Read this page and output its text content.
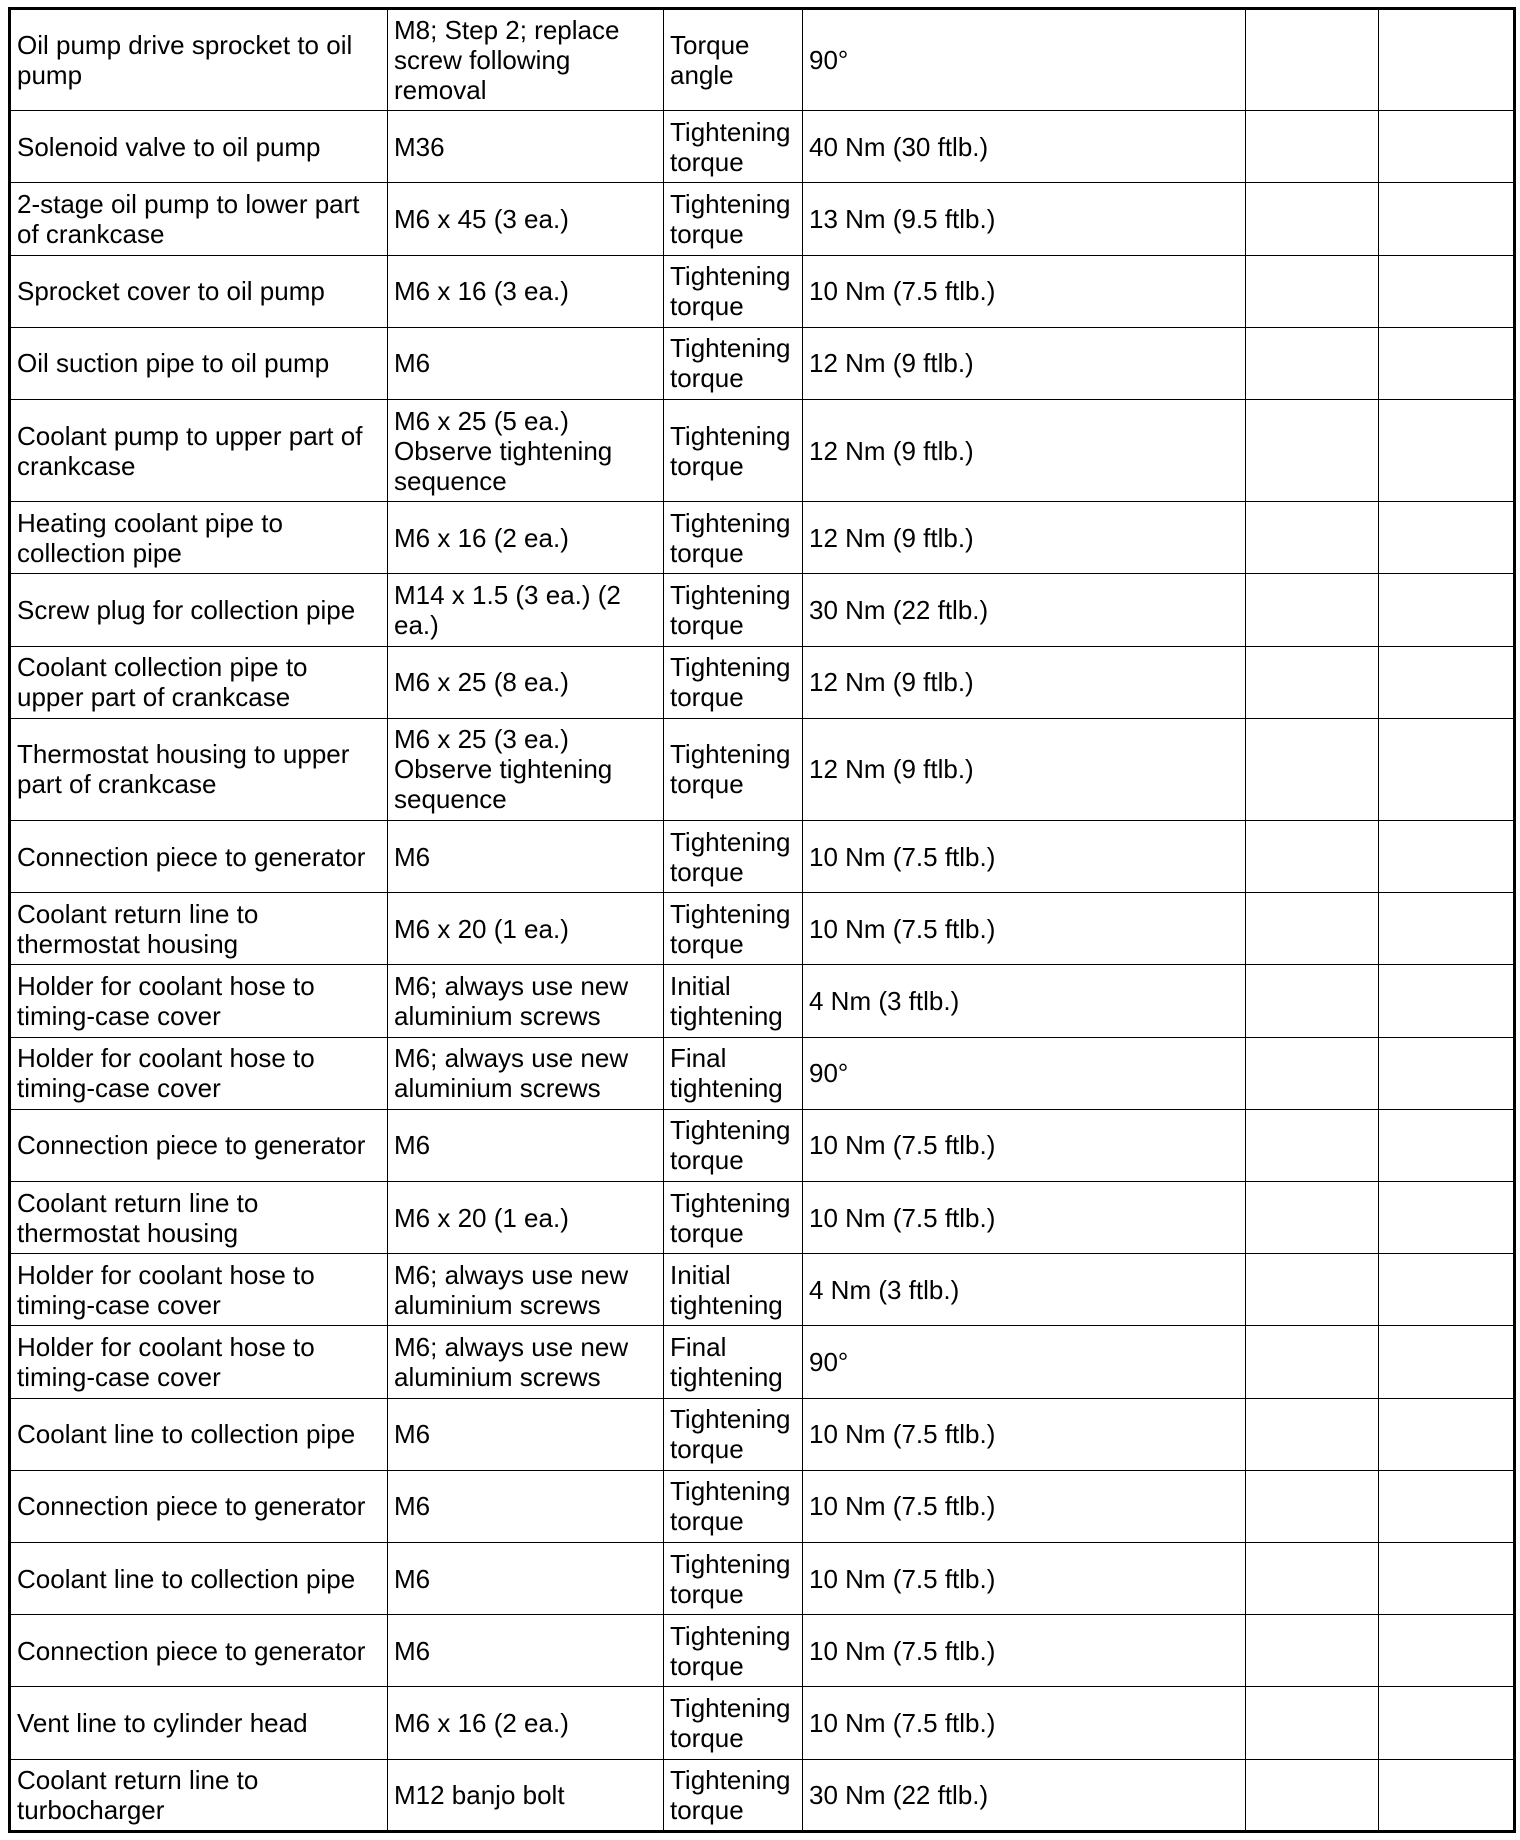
Oil pump drive sprocket to oil pump	M8; Step 2; replace screw following removal	Torque angle	90°		
Solenoid valve to oil pump	M36	Tightening torque	40 Nm (30 ftlb.)		
2-stage oil pump to lower part of crankcase	M6 x 45 (3 ea.)	Tightening torque	13 Nm (9.5 ftlb.)		
Sprocket cover to oil pump	M6 x 16 (3 ea.)	Tightening torque	10 Nm (7.5 ftlb.)		
Oil suction pipe to oil pump	M6	Tightening torque	12 Nm (9 ftlb.)		
Coolant pump to upper part of crankcase	M6 x 25 (5 ea.) Observe tightening sequence	Tightening torque	12 Nm (9 ftlb.)		
Heating coolant pipe to collection pipe	M6 x 16 (2 ea.)	Tightening torque	12 Nm (9 ftlb.)		
Screw plug for collection pipe	M14 x 1.5 (3 ea.) (2 ea.)	Tightening torque	30 Nm (22 ftlb.)		
Coolant collection pipe to upper part of crankcase	M6 x 25 (8 ea.)	Tightening torque	12 Nm (9 ftlb.)		
Thermostat housing to upper part of crankcase	M6 x 25 (3 ea.) Observe tightening sequence	Tightening torque	12 Nm (9 ftlb.)		
Connection piece to generator	M6	Tightening torque	10 Nm (7.5 ftlb.)		
Coolant return line to thermostat housing	M6 x 20 (1 ea.)	Tightening torque	10 Nm (7.5 ftlb.)		
Holder for coolant hose to timing-case cover	M6; always use new aluminium screws	Initial tightening	4 Nm (3 ftlb.)		
Holder for coolant hose to timing-case cover	M6; always use new aluminium screws	Final tightening	90°		
Connection piece to generator	M6	Tightening torque	10 Nm (7.5 ftlb.)		
Coolant return line to thermostat housing	M6 x 20 (1 ea.)	Tightening torque	10 Nm (7.5 ftlb.)		
Holder for coolant hose to timing-case cover	M6; always use new aluminium screws	Initial tightening	4 Nm (3 ftlb.)		
Holder for coolant hose to timing-case cover	M6; always use new aluminium screws	Final tightening	90°		
Coolant line to collection pipe	M6	Tightening torque	10 Nm (7.5 ftlb.)		
Connection piece to generator	M6	Tightening torque	10 Nm (7.5 ftlb.)		
Coolant line to collection pipe	M6	Tightening torque	10 Nm (7.5 ftlb.)		
Connection piece to generator	M6	Tightening torque	10 Nm (7.5 ftlb.)		
Vent line to cylinder head	M6 x 16 (2 ea.)	Tightening torque	10 Nm (7.5 ftlb.)		
Coolant return line to turbocharger	M12 banjo bolt	Tightening torque	30 Nm (22 ftlb.)		
